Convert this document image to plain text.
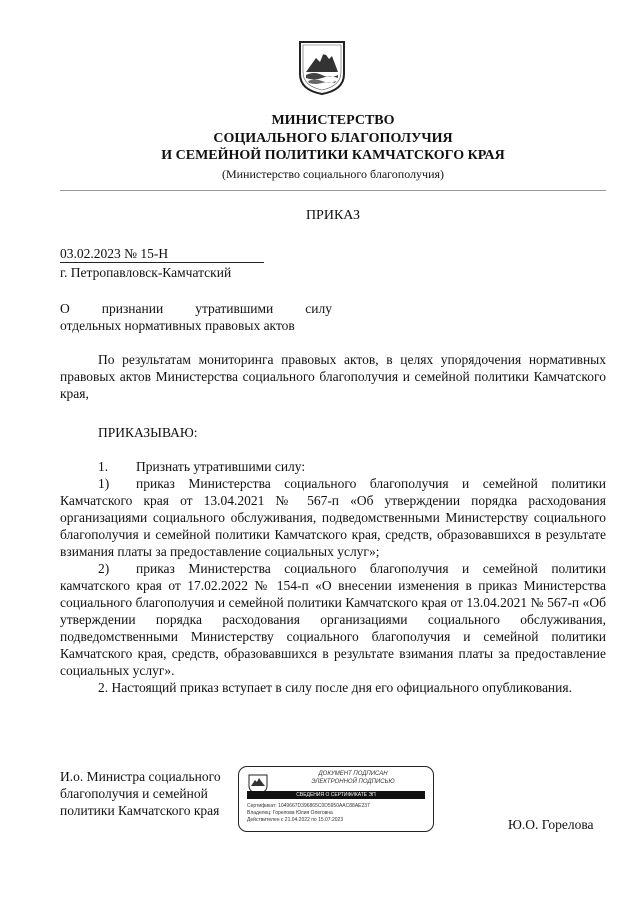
МИНИСТЕРСТВО
СОЦИАЛЬНОГО БЛАГОПОЛУЧИЯ
И СЕМЕЙНОЙ ПОЛИТИКИ КАМЧАТСКОГО КРАЯ
(Министерство социального благополучия)
ПРИКАЗ
03.02.2023 № 15-Н
г. Петропавловск-Камчатский
О признании утратившими силу
отдельных нормативных правовых актов

По результатам мониторинга правовых актов, в целях упорядочения нормативных правовых актов Министерства социального благополучия и семейной политики Камчатского края,

ПРИКАЗЫВАЮ:

1. Признать утратившими силу:

1) приказ Министерства социального благополучия и семейной политики Камчатского края от 13.04.2021 № 567-п «Об утверждении порядка расходования организациями социального обслуживания, подведомственными Министерству социального благополучия и семейной политики Камчатского края, средств, образовавшихся в результате взимания платы за предоставление социальных услуг»;

2) приказ Министерства социального благополучия и семейной политики камчатского края от 17.02.2022 № 154-п «О внесении изменения в приказ Министерства социального благополучия и семейной политики Камчатского края от 13.04.2021 № 567-п «Об утверждении порядка расходования организациями социального обслуживания, подведомственными Министерству социального благополучия и семейной политики Камчатского края, средств, образовавшихся в результате взимания платы за предоставление социальных услуг».

2. Настоящий приказ вступает в силу после дня его официального опубликования.

И.о. Министра социального
благополучия и семейной
политики Камчатского края
ДОКУМЕНТ ПОДПИСАН
ЭЛЕКТРОННОЙ ПОДПИСЬЮ
СВЕДЕНИЯ О СЕРТИФИКАТЕ ЭП
Сертификат: 1049667D396865C0D5950AAC88AE237
Владелец: Горелова Юлия Олеговна
Действителен с 21.04.2022 по 15.07.2023	Ю.О. Горелова
